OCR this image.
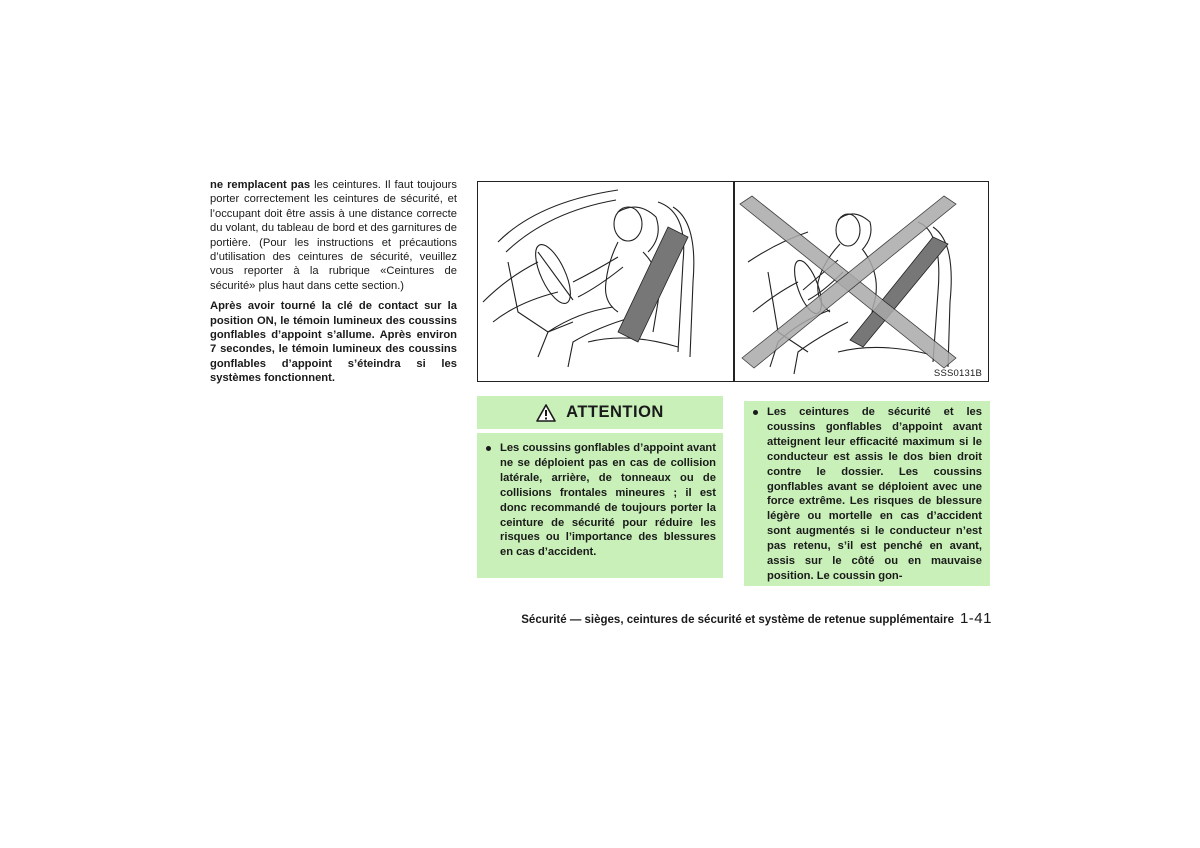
ne remplacent pas les ceintures. Il faut toujours porter correctement les ceintures de sécurité, et l’occupant doit être assis à une distance correcte du volant, du tableau de bord et des garnitures de portière. (Pour les instructions et précautions d’utilisation des ceintures de sécurité, veuillez vous reporter à la rubrique «Ceintures de sécurité» plus haut dans cette section.)

Après avoir tourné la clé de contact sur la position ON, le témoin lumineux des coussins gonflables d’appoint s’allume. Après environ 7 secondes, le témoin lumineux des coussins gonflables d’appoint s’éteindra si les systèmes fonctionnent.	SSS0131B
ATTENTION
Les coussins gonflables d’appoint avant ne se déploient pas en cas de collision latérale, arrière, de tonneaux ou de collisions frontales mineures ; il est donc recommandé de toujours porter la ceinture de sécurité pour réduire les risques ou l’importance des blessures en cas d’accident.
Les ceintures de sécurité et les coussins gonflables d’appoint avant atteignent leur efficacité maximum si le conducteur est assis le dos bien droit contre le dossier. Les coussins gonflables avant se déploient avec une force extrême. Les risques de blessure légère ou mortelle en cas d’accident sont augmentés si le conducteur n’est pas retenu, s’il est penché en avant, assis sur le côté ou en mauvaise position. Le coussin gon-
Sécurité — sièges, ceintures de sécurité et système de retenue supplémentaire 1-41
